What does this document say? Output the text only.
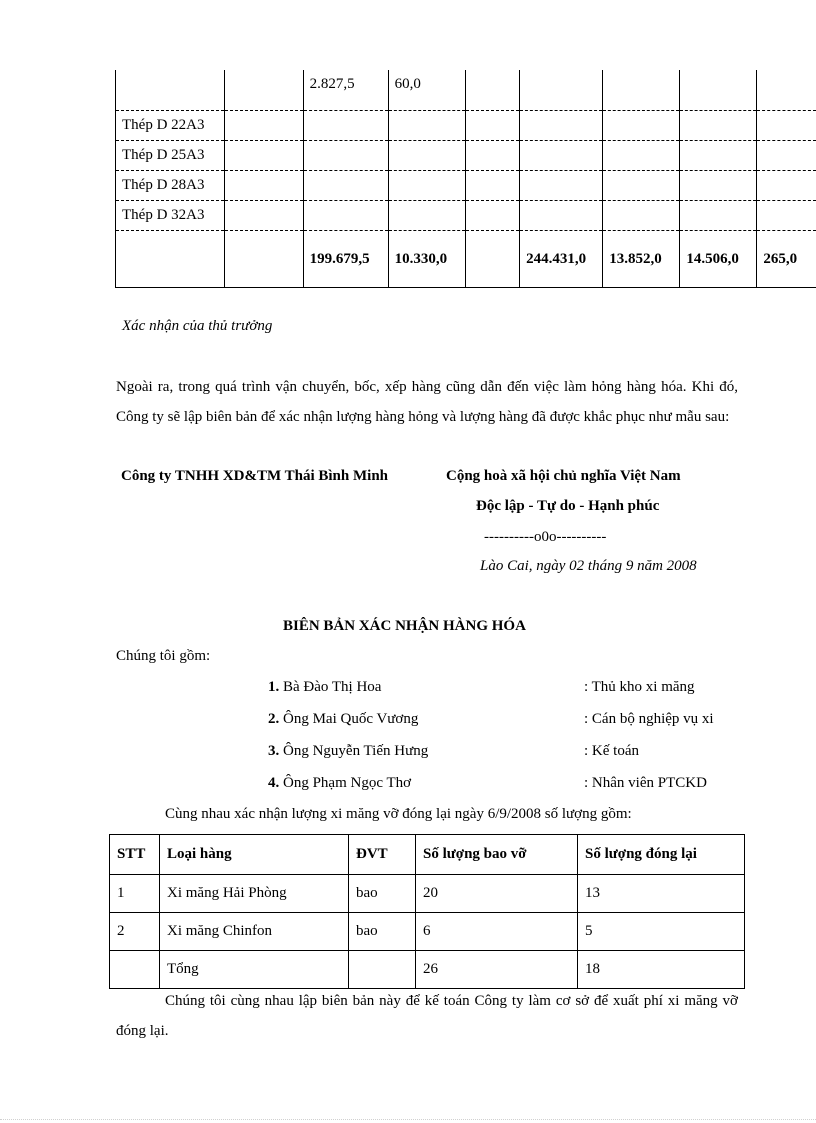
		2.827,5	60,0					
Thép D 22A3								
Thép D 25A3								
Thép D 28A3								
Thép D 32A3								
		199.679,5	10.330,0		244.431,0	13.852,0	14.506,0	265,0
Xác nhận của thủ trưởng
Ngoài ra, trong quá trình vận chuyển, bốc, xếp hàng cũng dẫn đến việc làm hỏng hàng hóa. Khi đó, Công ty sẽ lập biên bản để xác nhận lượng hàng hỏng và lượng hàng đã được khắc phục như mẫu sau:
Công ty TNHH XD&TM Thái Bình Minh	Cộng hoà xã hội chủ nghĩa Việt Nam
Độc lập - Tự do - Hạnh phúc
----------o0o----------
Lào Cai, ngày 02 tháng 9 năm 2008
BIÊN BẢN XÁC NHẬN HÀNG HÓA
Chúng tôi gồm:
1. Bà Đào Thị Hoa	: Thủ kho xi măng
2. Ông Mai Quốc Vương	: Cán bộ nghiệp vụ xi
3. Ông Nguyễn Tiến Hưng	: Kế toán
4. Ông Phạm Ngọc Thơ	: Nhân viên PTCKD
Cùng nhau xác nhận lượng xi măng vỡ đóng lại ngày 6/9/2008 số lượng gồm:
STT	Loại hàng	ĐVT	Số lượng bao vỡ	Số lượng đóng lại
1	Xi măng Hải Phòng	bao	20	13
2	Xi măng Chinfon	bao	6	5
	Tổng		26	18
Chúng tôi cùng nhau lập biên bản này để kế toán Công ty làm cơ sở để xuất phí xi măng vỡ đóng lại.
